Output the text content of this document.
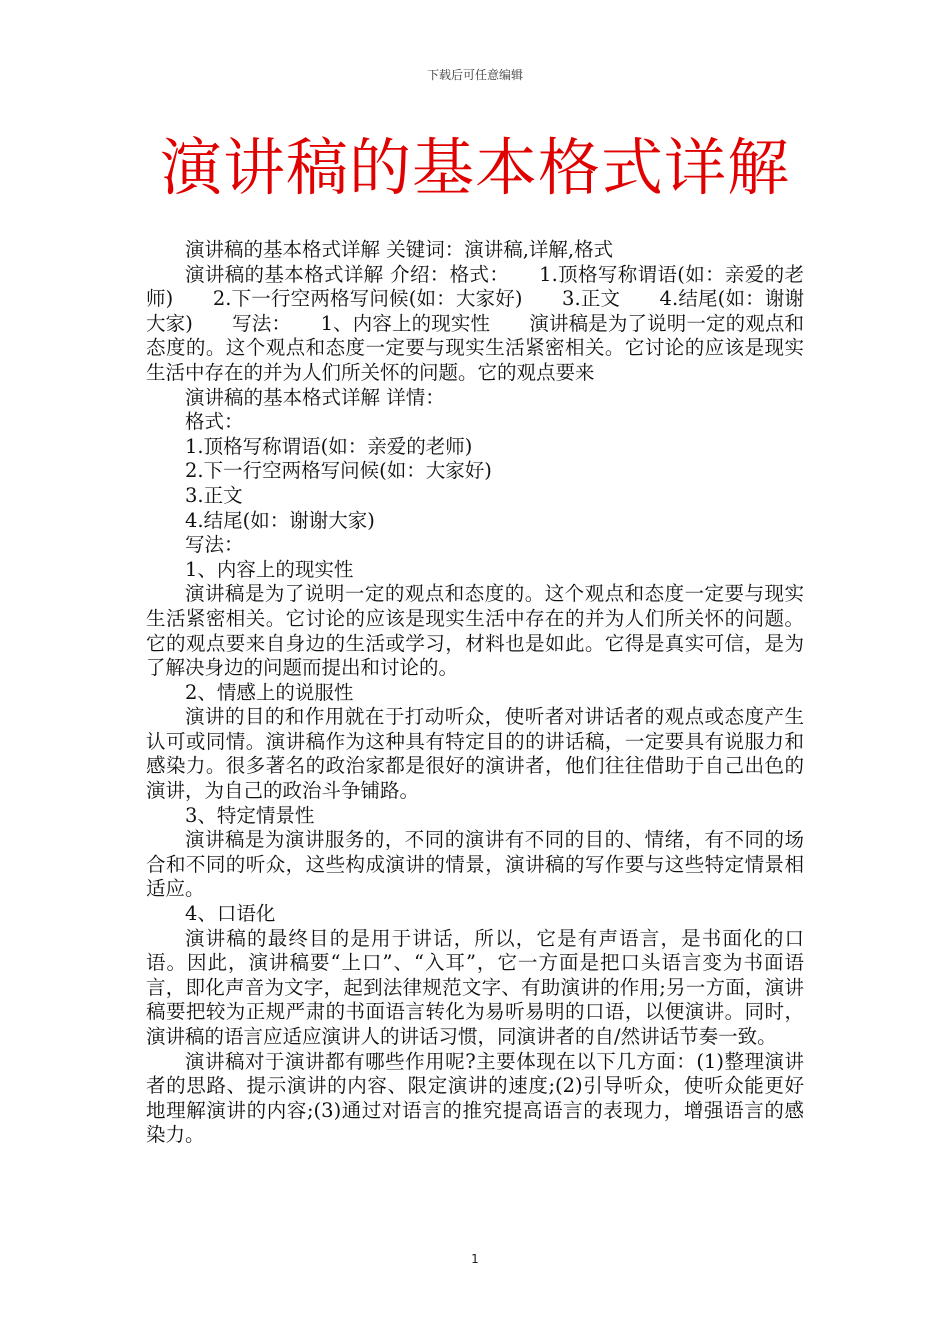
下载后可任意编辑
演讲稿的基本格式详解

演讲稿的基本格式详解 关键词：演讲稿,详解,格式

演讲稿的基本格式详解 介绍：格式：　　1.顶格写称谓语(如：亲爱的老师)　　2.下一行空两格写问候(如：大家好)　　3.正文　　4.结尾(如：谢谢大家)　　写法：　　1、内容上的现实性　　演讲稿是为了说明一定的观点和态度的。这个观点和态度一定要与现实生活紧密相关。它讨论的应该是现实生活中存在的并为人们所关怀的问题。它的观点要来

演讲稿的基本格式详解 详情：

格式：

1.顶格写称谓语(如：亲爱的老师)

2.下一行空两格写问候(如：大家好)

3.正文

4.结尾(如：谢谢大家)

写法：

1、内容上的现实性

演讲稿是为了说明一定的观点和态度的。这个观点和态度一定要与现实生活紧密相关。它讨论的应该是现实生活中存在的并为人们所关怀的问题。它的观点要来自身边的生活或学习，材料也是如此。它得是真实可信，是为了解决身边的问题而提出和讨论的。

2、情感上的说服性

演讲的目的和作用就在于打动听众，使听者对讲话者的观点或态度产生认可或同情。演讲稿作为这种具有特定目的的讲话稿，一定要具有说服力和感染力。很多著名的政治家都是很好的演讲者，他们往往借助于自己出色的演讲，为自己的政治斗争铺路。

3、特定情景性

演讲稿是为演讲服务的，不同的演讲有不同的目的、情绪，有不同的场合和不同的听众，这些构成演讲的情景，演讲稿的写作要与这些特定情景相适应。

4、口语化

演讲稿的最终目的是用于讲话，所以，它是有声语言，是书面化的口语。因此，演讲稿要“上口”、“入耳”，它一方面是把口头语言变为书面语言，即化声音为文字，起到法律规范文字、有助演讲的作用;另一方面，演讲稿要把较为正规严肃的书面语言转化为易听易明的口语，以便演讲。同时，演讲稿的语言应适应演讲人的讲话习惯，同演讲者的自/然讲话节奏一致。

演讲稿对于演讲都有哪些作用呢?主要体现在以下几方面：(1)整理演讲者的思路、提示演讲的内容、限定演讲的速度;(2)引导听众，使听众能更好地理解演讲的内容;(3)通过对语言的推究提高语言的表现力，增强语言的感染力。

1
